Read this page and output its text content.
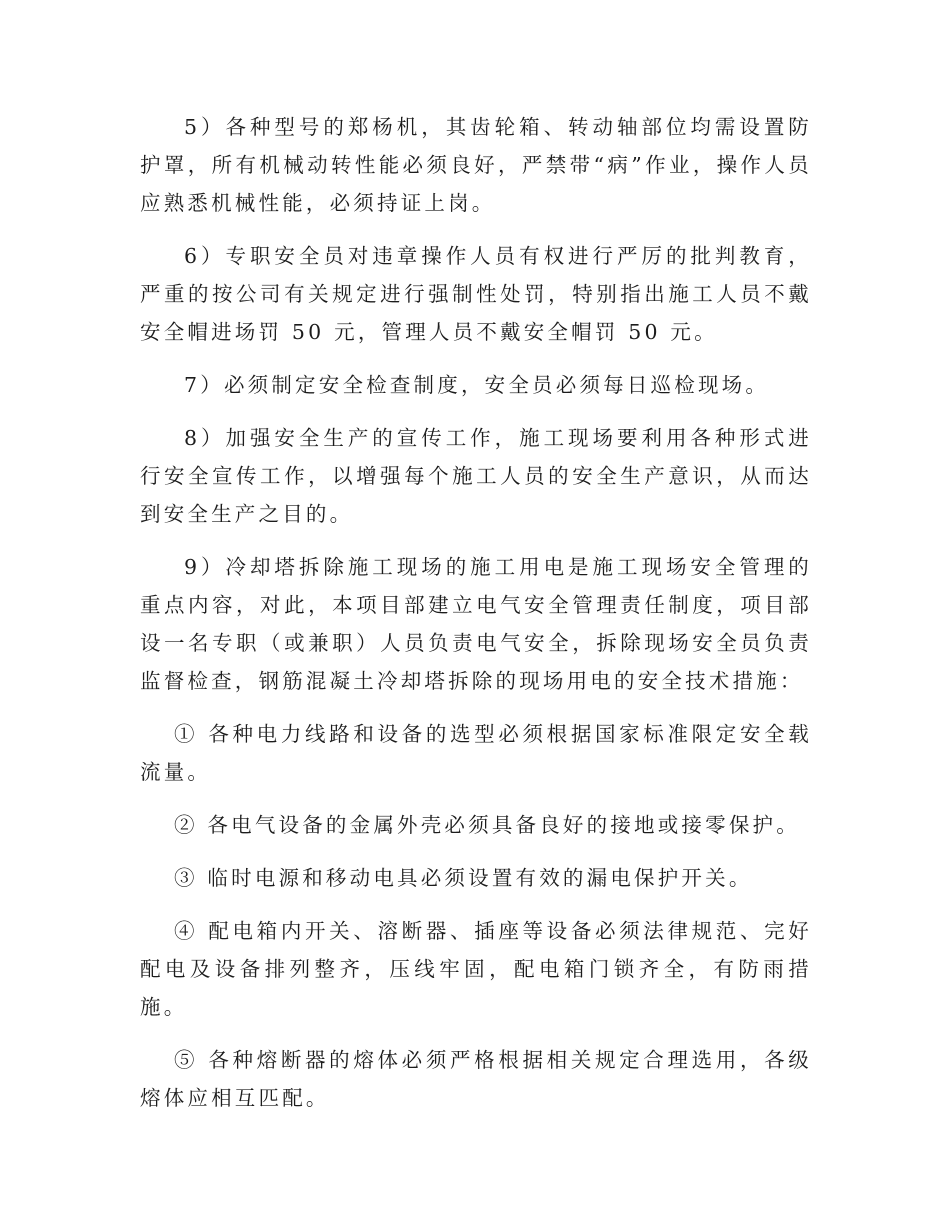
5）各种型号的郑杨机，其齿轮箱、转动轴部位均需设置防护罩，所有机械动转性能必须良好，严禁带“病”作业，操作人员应熟悉机械性能，必须持证上岗。

6）专职安全员对违章操作人员有权进行严厉的批判教育，严重的按公司有关规定进行强制性处罚，特别指出施工人员不戴安全帽进场罚 50 元，管理人员不戴安全帽罚 50 元。

7）必须制定安全检查制度，安全员必须每日巡检现场。

8）加强安全生产的宣传工作，施工现场要利用各种形式进行安全宣传工作，以增强每个施工人员的安全生产意识，从而达到安全生产之目的。

9）冷却塔拆除施工现场的施工用电是施工现场安全管理的重点内容，对此，本项目部建立电气安全管理责任制度，项目部设一名专职（或兼职）人员负责电气安全，拆除现场安全员负责监督检查，钢筋混凝土冷却塔拆除的现场用电的安全技术措施：

① 各种电力线路和设备的选型必须根据国家标准限定安全载流量。

② 各电气设备的金属外壳必须具备良好的接地或接零保护。

③ 临时电源和移动电具必须设置有效的漏电保护开关。

④ 配电箱内开关、溶断器、插座等设备必须法律规范、完好配电及设备排列整齐，压线牢固，配电箱门锁齐全，有防雨措施。

⑤ 各种熔断器的熔体必须严格根据相关规定合理选用，各级熔体应相互匹配。
